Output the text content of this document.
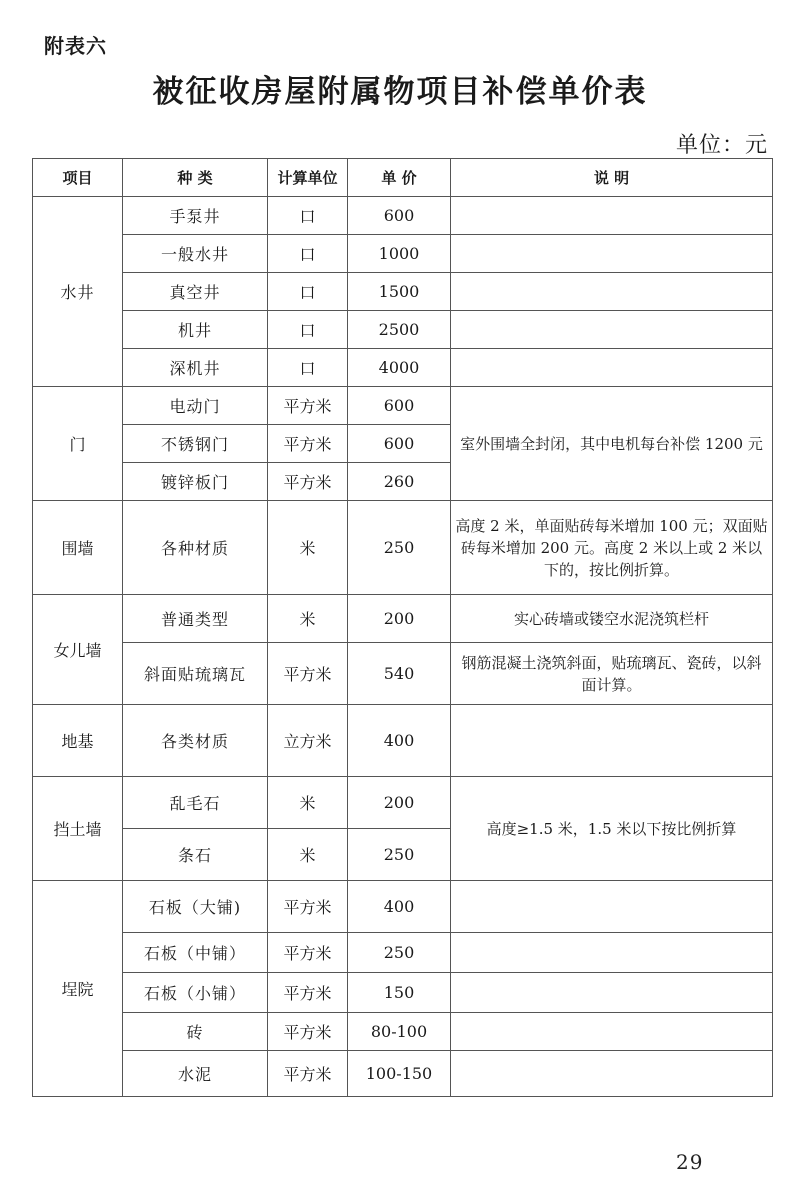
附表六
被征收房屋附属物项目补偿单价表
单位：元
项目	种 类	计算单位	单 价	说 明
水井	手泵井	口	600	
	一般水井	口	1000	
	真空井	口	1500	
	机井	口	2500	
	深机井	口	4000	
门	电动门	平方米	600	室外围墙全封闭，其中电机每台补偿 1200 元
	不锈钢门	平方米	600	
	镀锌板门	平方米	260	
围墙	各种材质	米	250	高度 2 米，单面贴砖每米增加 100 元；双面贴砖每米增加 200 元。高度 2 米以上或 2 米以下的，按比例折算。
女儿墙	普通类型	米	200	实心砖墙或镂空水泥浇筑栏杆
	斜面贴琉璃瓦	平方米	540	钢筋混凝土浇筑斜面，贴琉璃瓦、瓷砖，以斜面计算。
地基	各类材质	立方米	400	
挡土墙	乱毛石	米	200	高度≥1.5 米，1.5 米以下按比例折算
	条石	米	250	
埕院	石板（大铺)	平方米	400	
	石板（中铺）	平方米	250	
	石板（小铺）	平方米	150	
	砖	平方米	80-100	
	水泥	平方米	100-150	
29
